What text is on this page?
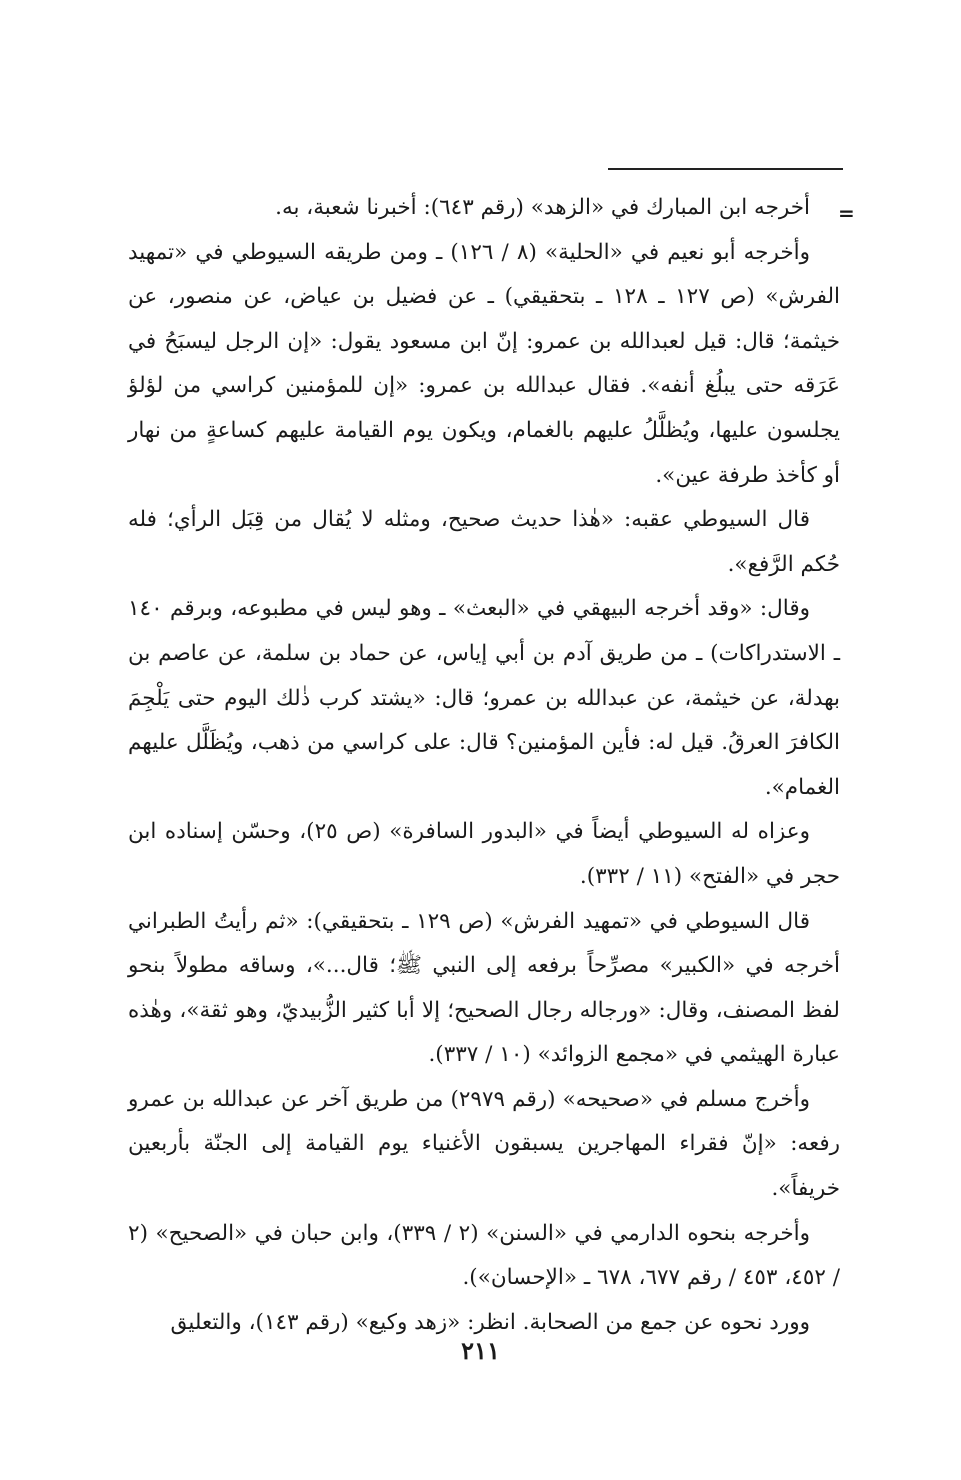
=

أخرجه ابن المبارك في «الزهد» (رقم ٦٤٣): أخبرنا شعبة، به.

وأخرجه أبو نعيم في «الحلية» (٨ / ١٢٦) ـ ومن طريقه السيوطي في «تمهيد الفرش» (ص ١٢٧ ـ ١٢٨ ـ بتحقيقي) ـ عن فضيل بن عياض، عن منصور، عن خيثمة؛ قال: قيل لعبدالله بن عمرو: إنّ ابن مسعود يقول: «إن الرجل ليسبَحُ في عَرَقه حتى يبلُغ أنفه». فقال عبدالله بن عمرو: «إن للمؤمنين كراسي من لؤلؤ يجلسون عليها، ويُظلَّلُ عليهم بالغمام، ويكون يوم القيامة عليهم كساعةٍ من نهار أو كأخذ طرفة عين».

قال السيوطي عقبه: «هٰذا حديث صحيح، ومثله لا يُقال من قِبَل الرأي؛ فله حُكم الرَّفع».

وقال: «وقد أخرجه البيهقي في «البعث» ـ وهو ليس في مطبوعه، وبرقم ١٤٠ ـ الاستدراكات) ـ من طريق آدم بن أبي إياس، عن حماد بن سلمة، عن عاصم بن بهدلة، عن خيثمة، عن عبدالله بن عمرو؛ قال: «يشتد كرب ذٰلك اليوم حتى يَلْجِمَ الكافرَ العرقُ. قيل له: فأين المؤمنين؟ قال: على كراسي من ذهب، ويُظَلَّل عليهم الغمام».

وعزاه له السيوطي أيضاً في «البدور السافرة» (ص ٢٥)، وحسّن إسناده ابن حجر في «الفتح» (١١ / ٣٣٢).

قال السيوطي في «تمهيد الفرش» (ص ١٢٩ ـ بتحقيقي): «ثم رأيتُ الطبراني أخرجه في «الكبير» مصرِّحاً برفعه إلى النبي ﷺ؛ قال...»، وساقه مطولاً بنحو لفظ المصنف، وقال: «ورجاله رجال الصحيح؛ إلا أبا كثير الزُّبيديّ، وهو ثقة»، وهٰذه عبارة الهيثمي في «مجمع الزوائد» (١٠ / ٣٣٧).

وأخرج مسلم في «صحيحه» (رقم ٢٩٧٩) من طريق آخر عن عبدالله بن عمرو رفعه: «إنّ فقراء المهاجرين يسبقون الأغنياء يوم القيامة إلى الجنّة بأربعين خريفاً».

وأخرجه بنحوه الدارمي في «السنن» (٢ / ٣٣٩)، وابن حبان في «الصحيح» (٢ / ٤٥٢، ٤٥٣ / رقم ٦٧٧، ٦٧٨ ـ «الإحسان»).

وورد نحوه عن جمع من الصحابة. انظر: «زهد وكيع» (رقم ١٤٣)، والتعليق

٢١١
